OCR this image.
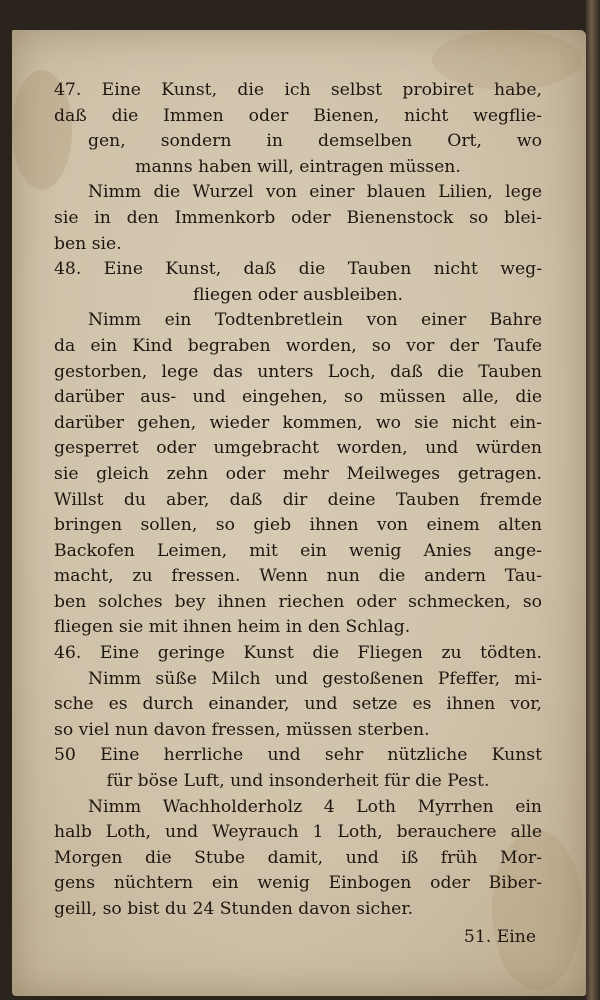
47. Eine Kunst, die ich selbst probiret habe,
daß die Immen oder Bienen, nicht wegflie-
gen, sondern in demselben Ort, wo
manns haben will, eintragen müssen.
Nimm die Wurzel von einer blauen Lilien, lege
sie in den Immenkorb oder Bienenstock so blei-
ben sie.
48. Eine Kunst, daß die Tauben nicht weg-
fliegen oder ausbleiben.
Nimm ein Todtenbretlein von einer Bahre
da ein Kind begraben worden, so vor der Taufe
gestorben, lege das unters Loch, daß die Tauben
darüber aus- und eingehen, so müssen alle, die
darüber gehen, wieder kommen, wo sie nicht ein-
gesperret oder umgebracht worden, und würden
sie gleich zehn oder mehr Meilweges getragen.
Willst du aber, daß dir deine Tauben fremde
bringen sollen, so gieb ihnen von einem alten
Backofen Leimen, mit ein wenig Anies ange-
macht, zu fressen. Wenn nun die andern Tau-
ben solches bey ihnen riechen oder schmecken, so
fliegen sie mit ihnen heim in den Schlag.
46. Eine geringe Kunst die Fliegen zu tödten.
Nimm süße Milch und gestoßenen Pfeffer, mi-
sche es durch einander, und setze es ihnen vor,
so viel nun davon fressen, müssen sterben.
50 Eine herrliche und sehr nützliche Kunst
für böse Luft, und insonderheit für die Pest.
Nimm Wachholderholz 4 Loth Myrrhen ein
halb Loth, und Weyrauch 1 Loth, berauchere alle
Morgen die Stube damit, und iß früh Mor-
gens nüchtern ein wenig Einbogen oder Biber-
geill, so bist du 24 Stunden davon sicher.
51. Eine
